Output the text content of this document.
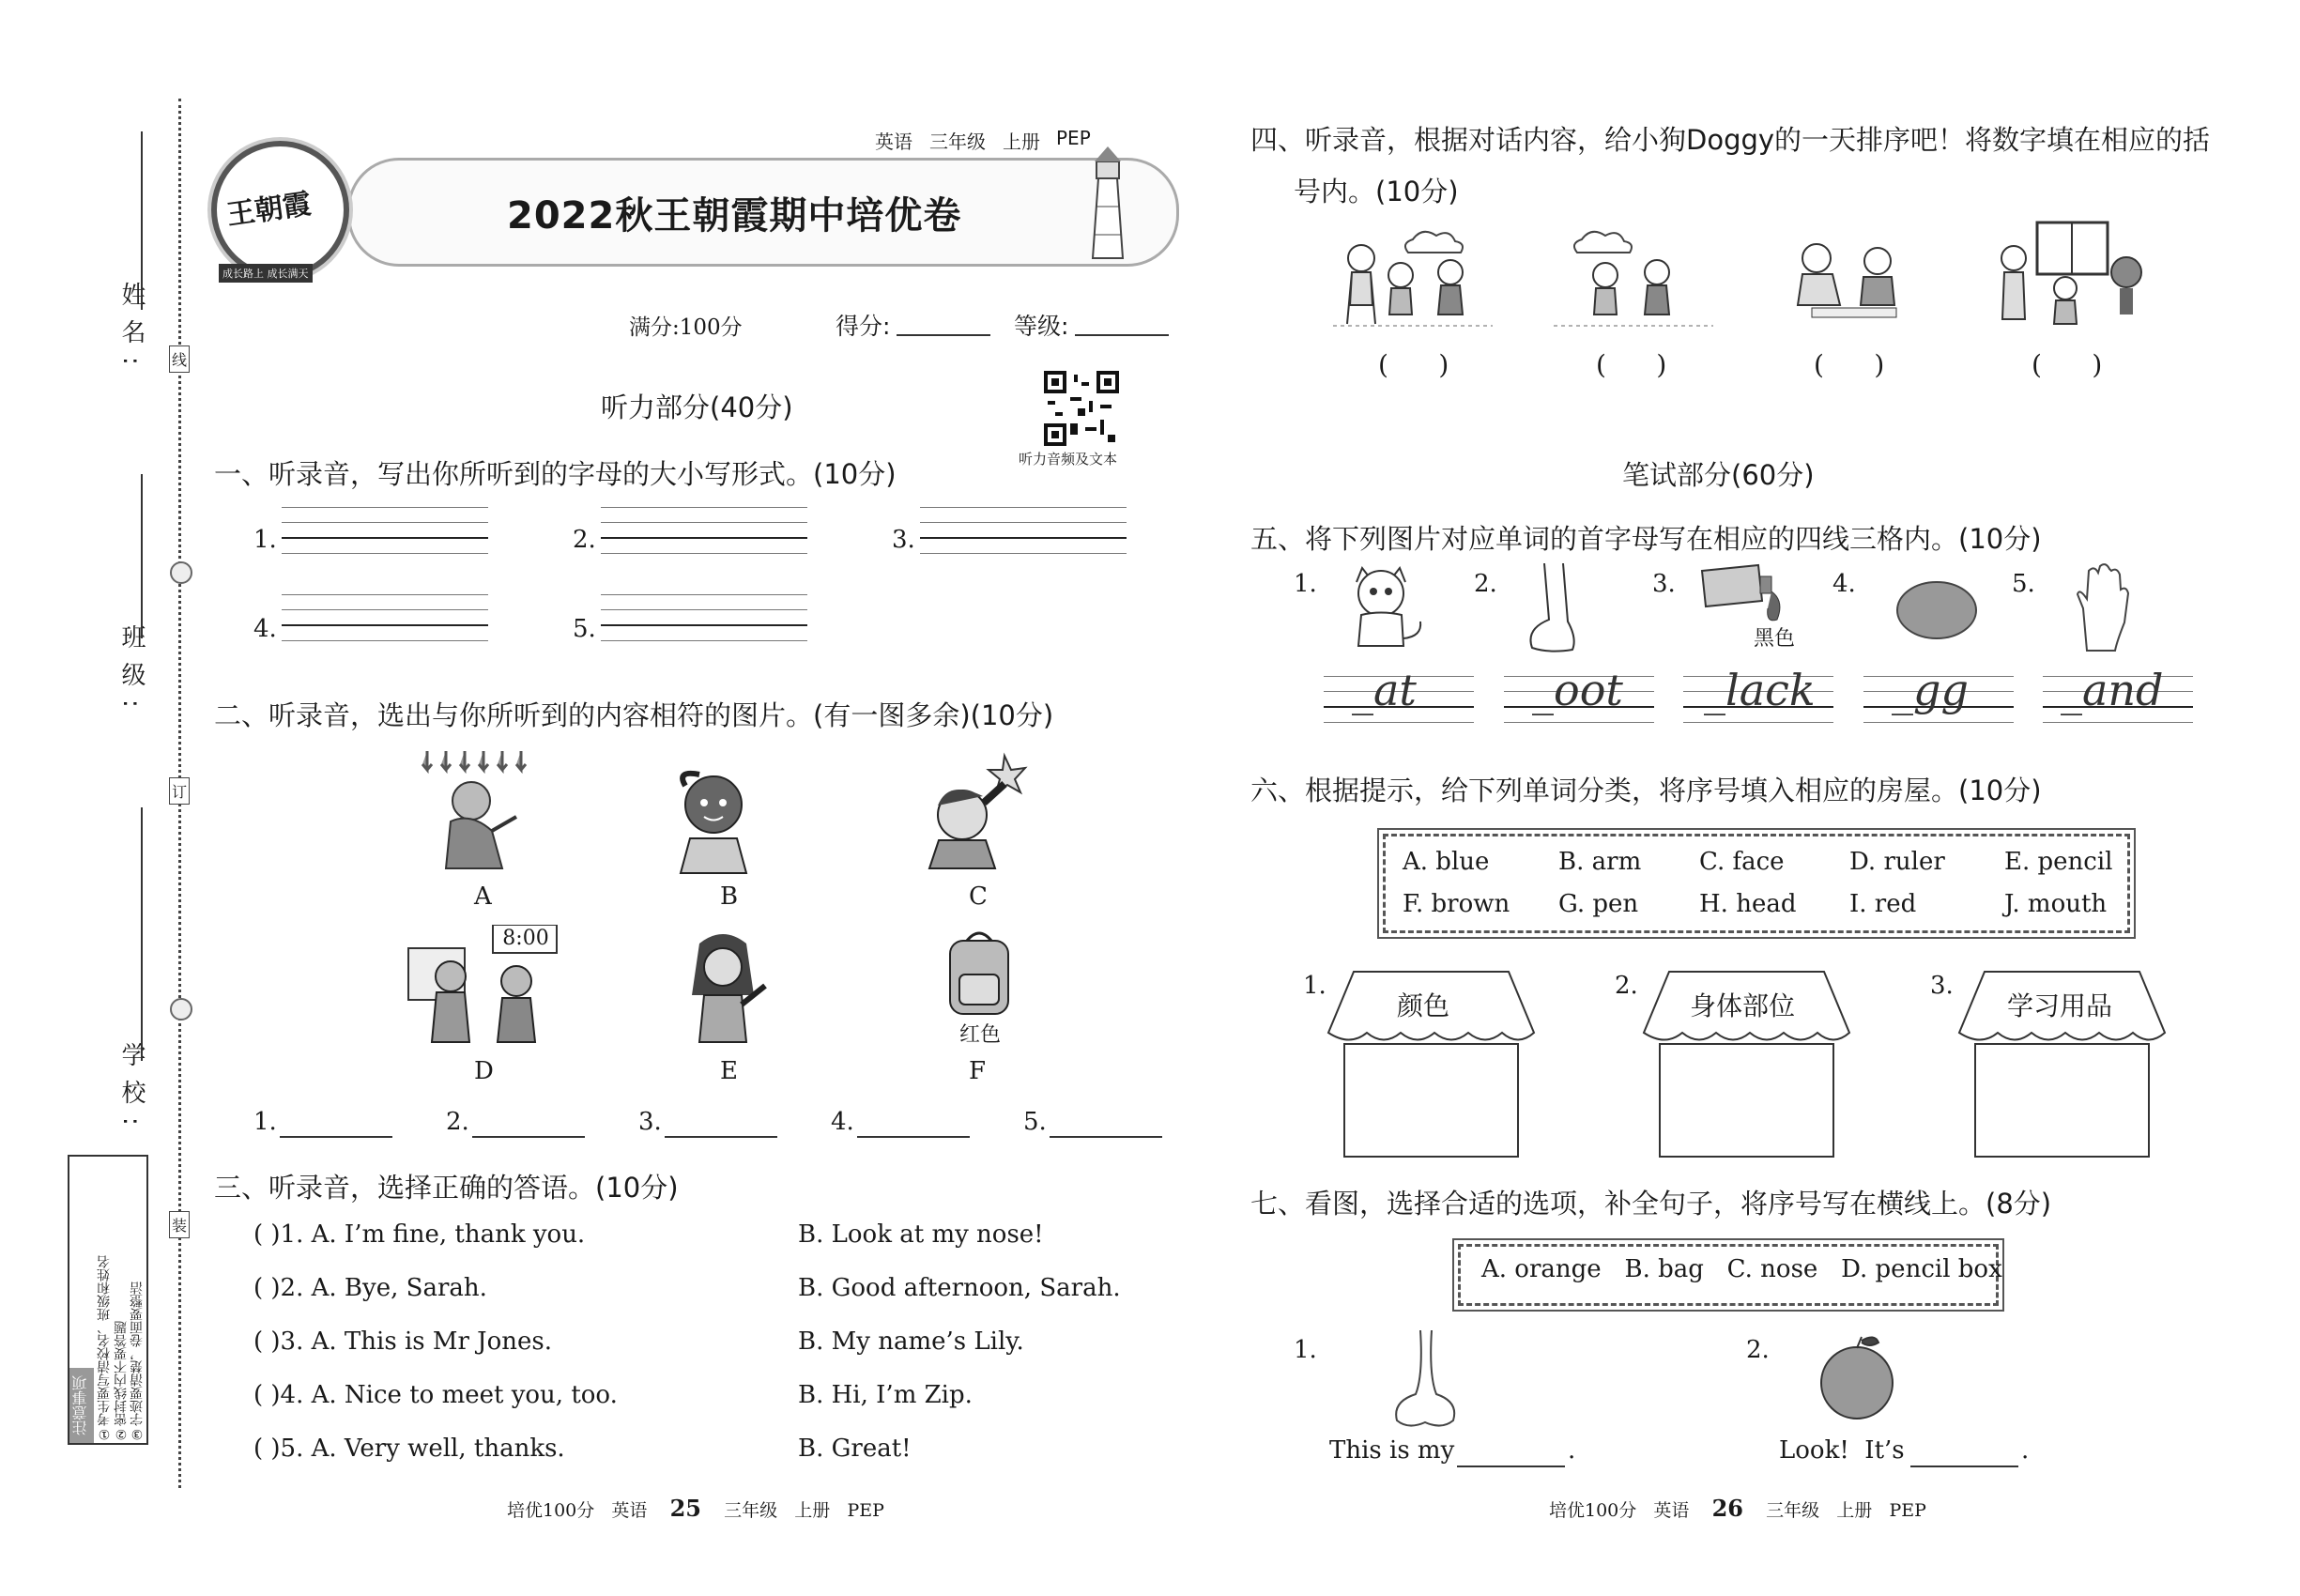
线
订
装
姓名:
班级:
学校:
注意事项 ①考生要写清校名、班级和姓名 ②密封线内不要答题 ③字迹要清楚，卷面要整洁
王朝霞
成长路上 成长满天
英语 三年级 上册 PEP
2022秋王朝霞期中培优卷
满分:100分	得分:	等级:
听力部分(40分)
听力音频及文本
一、听录音，写出你所听到的字母的大小写形式。(10分)
1.	2.	3.
4.	5.
二、听录音，选出与你所听到的内容相符的图片。(有一图多余)(10分)
A	B	C
8:00
红色
D	E	F
1.	2.	3.	4.	5.
三、听录音，选择正确的答语。(10分)
( )1. A. I’m fine, thank you.	B. Look at my nose!
( )2. A. Bye, Sarah.	B. Good afternoon, Sarah.
( )3. A. This is Mr Jones.	B. My name’s Lily.
( )4. A. Nice to meet you, too.	B. Hi, I’m Zip.
( )5. A. Very well, thanks.	B. Great!
培优100分 英语 25 三年级 上册 PEP
四、听录音，根据对话内容，给小狗Doggy的一天排序吧！将数字填在相应的括
号内。(10分)
(      )	(      )	(      )	(      )
笔试部分(60分)
五、将下列图片对应单词的首字母写在相应的四线三格内。(10分)
1.	2.	3.	4.	5.
黑色
_at	_oot _lack _gg _and
六、根据提示，给下列单词分类，将序号填入相应的房屋。(10分)
A. blue	B. arm C. face	D. ruler E. pencil
F. brown G. pen H. head I. red	J. mouth
1.
颜色
2.
身体部位
3.
学习用品
七、看图，选择合适的选项，补全句子，将序号写在横线上。(8分)
A. orange   B. bag   C. nose   D. pencil box
1.
This is my	.
2.
Look!  It’s	.
培优100分 英语 26 三年级 上册 PEP
